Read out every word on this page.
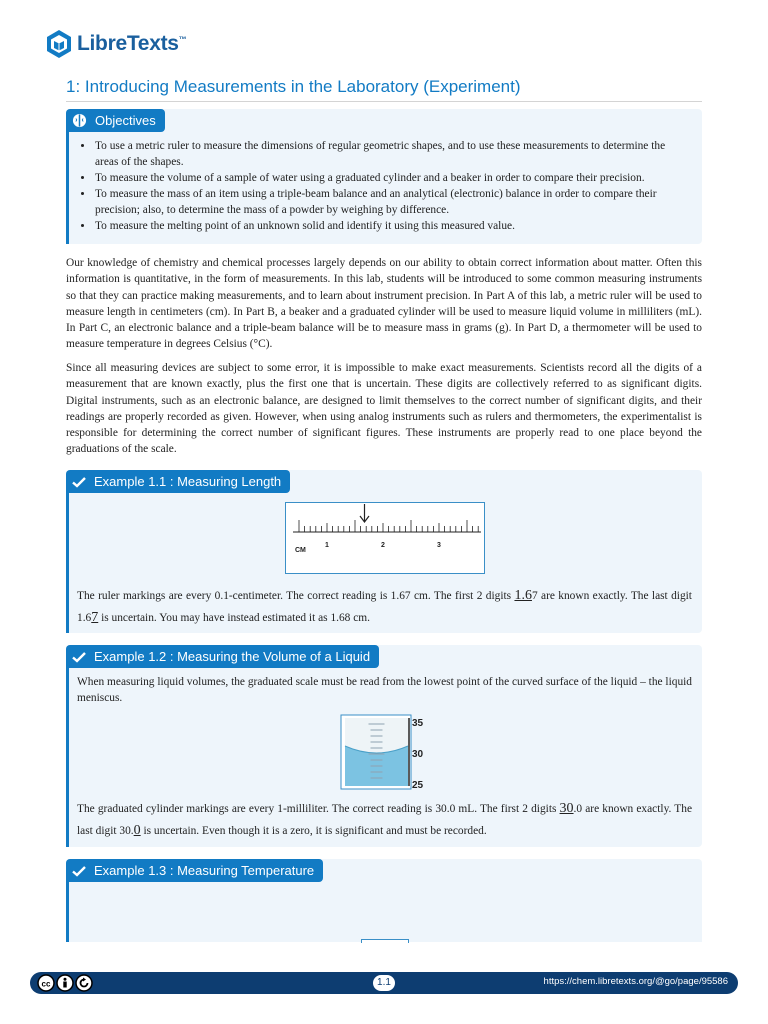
LibreTexts™
1: Introducing Measurements in the Laboratory (Experiment)
Objectives
• To use a metric ruler to measure the dimensions of regular geometric shapes, and to use these measurements to determine the areas of the shapes.
• To measure the volume of a sample of water using a graduated cylinder and a beaker in order to compare their precision.
• To measure the mass of an item using a triple-beam balance and an analytical (electronic) balance in order to compare their precision; also, to determine the mass of a powder by weighing by difference.
• To measure the melting point of an unknown solid and identify it using this measured value.

Our knowledge of chemistry and chemical processes largely depends on our ability to obtain correct information about matter. Often this information is quantitative, in the form of measurements. In this lab, students will be introduced to some common measuring instruments so that they can practice making measurements, and to learn about instrument precision. In Part A of this lab, a metric ruler will be used to measure length in centimeters (cm). In Part B, a beaker and a graduated cylinder will be used to measure liquid volume in milliliters (mL). In Part C, an electronic balance and a triple-beam balance will be to measure mass in grams (g). In Part D, a thermometer will be used to measure temperature in degrees Celsius (°C).

Since all measuring devices are subject to some error, it is impossible to make exact measurements. Scientists record all the digits of a measurement that are known exactly, plus the first one that is uncertain. These digits are collectively referred to as significant digits. Digital instruments, such as an electronic balance, are designed to limit themselves to the correct number of significant digits, and their readings are properly recorded as given. However, when using analog instruments such as rulers and thermometers, the experimentalist is responsible for determining the correct number of significant figures. These instruments are properly read to one place beyond the graduations of the scale.

Example 1.1 : Measuring Length
CM
1	2	3

The ruler markings are every 0.1-centimeter. The correct reading is 1.67 cm. The first 2 digits 1.67 are known exactly. The last digit 1.67 is uncertain. You may have instead estimated it as 1.68 cm.

Example 1.2 : Measuring the Volume of a Liquid

When measuring liquid volumes, the graduated scale must be read from the lowest point of the curved surface of the liquid – the liquid meniscus.

35
30
25

The graduated cylinder markings are every 1-milliliter. The correct reading is 30.0 mL. The first 2 digits 30.0 are known exactly. The last digit 30.0 is uncertain. Even though it is a zero, it is significant and must be recorded.

Example 1.3 : Measuring Temperature
cc	1.1	https://chem.libretexts.org/@go/page/95586
